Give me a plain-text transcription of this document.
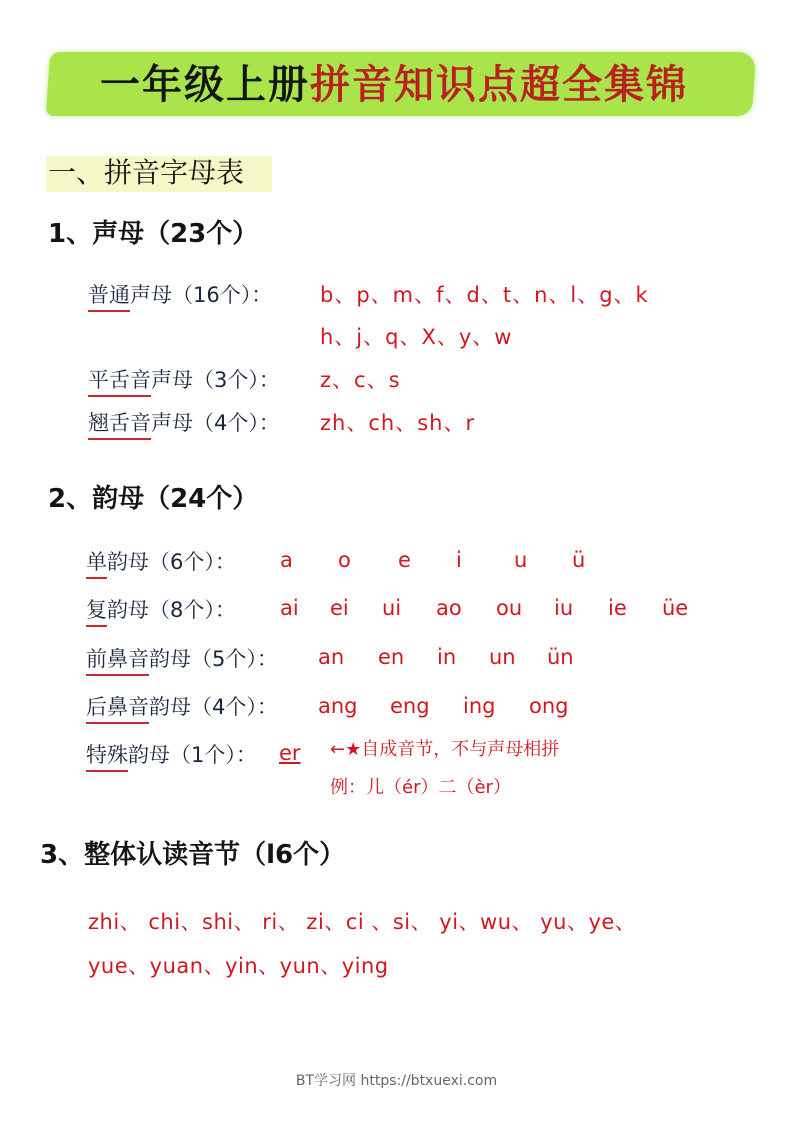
一年级上册拼音知识点超全集锦
一、拼音字母表
1、声母（23个）
普通声母（16个）： b、p、m、f、d、t、n、l、g、k
h、j、q、X、y、w
平舌音声母（3个）： z、c、s
翘舌音声母（4个）： zh、ch、sh、r
2、韵母（24个）
单韵母（6个）： a	o	e	i	u	ü
复韵母（8个）： ai	ei	ui	ao	ou	iu	ie	üe
前鼻音韵母（5个）： an	en	in	un	ün
后鼻音韵母（4个）： ang	eng	ing	ong
特殊韵母（1个）： er ←★自成音节，不与声母相拼
例：儿（ér）二（èr）
3、整体认读音节（l6个）
zhi、 chi、shi、 ri、 zi、ci 、si、 yi、wu、 yu、ye、
yue、yuan、yin、yun、ying
BT学习网 https://btxuexi.com
